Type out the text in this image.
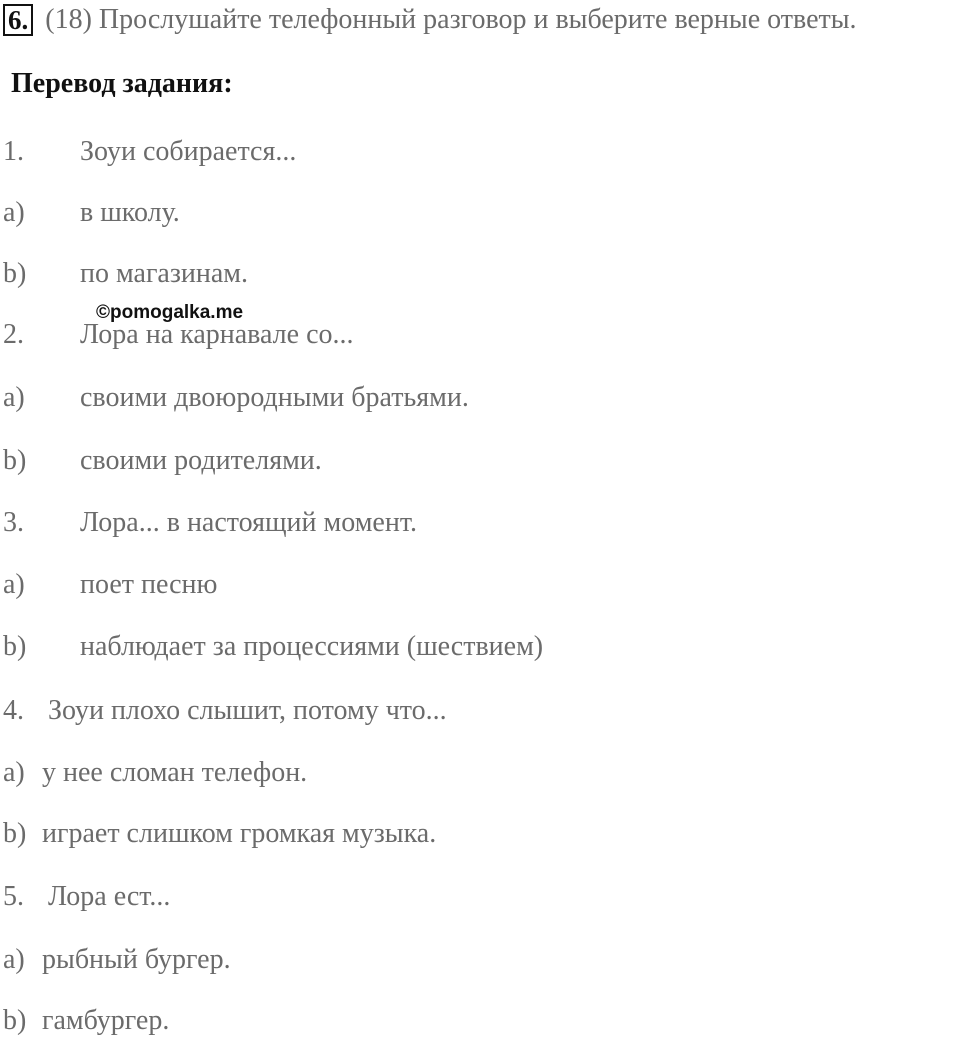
6. (18) Прослушайте телефонный разговор и выберите верные ответы.
Перевод задания:
©pomogalka.me
1. Зоуи собирается...
a) в школу.
b) по магазинам.
2. Лора на карнавале со...
a) своими двоюродными братьями.
b) своими родителями.
3. Лора... в настоящий момент.
a) поет песню
b) наблюдает за процессиями (шествием)
4. Зоуи плохо слышит, потому что...
a) у нее сломан телефон.
b) играет слишком громкая музыка.
5. Лора ест...
a) рыбный бургер.
b) гамбургер.
